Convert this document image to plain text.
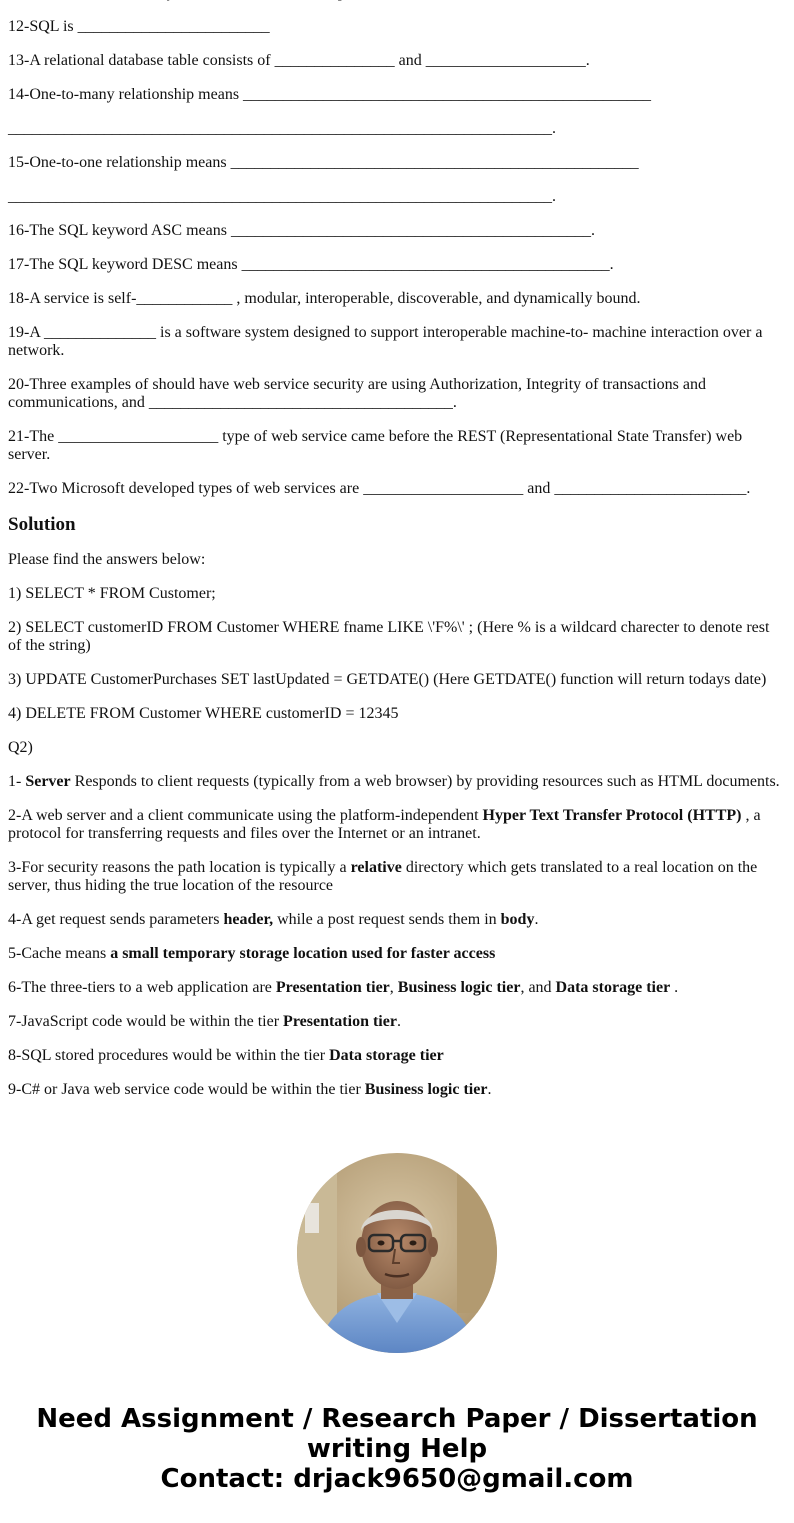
12-SQL is ________________________

13-A relational database table consists of _______________ and ____________________.

14-One-to-many relationship means ___________________________________________________

____________________________________________________________________.

15-One-to-one relationship means ___________________________________________________

____________________________________________________________________.

16-The SQL keyword ASC means _____________________________________________.

17-The SQL keyword DESC means ______________________________________________.

18-A service is self-____________ , modular, interoperable, discoverable, and dynamically bound.

19-A ______________ is a software system designed to support interoperable machine-to- machine interaction over a network.

20-Three examples of should have web service security are using Authorization, Integrity of transactions and communications, and ______________________________________.

21-The ____________________ type of web service came before the REST (Representational State Transfer) web server.

22-Two Microsoft developed types of web services are ____________________ and ________________________.

Solution

Please find the answers below:

1) SELECT * FROM Customer;

2) SELECT customerID FROM Customer WHERE fname LIKE \'F%\' ; (Here % is a wildcard charecter to denote rest of the string)

3) UPDATE CustomerPurchases SET lastUpdated = GETDATE() (Here GETDATE() function will return todays date)

4) DELETE FROM Customer WHERE customerID = 12345

Q2)

1- Server Responds to client requests (typically from a web browser) by providing resources such as HTML documents.

2-A web server and a client communicate using the platform-independent Hyper Text Transfer Protocol (HTTP) , a protocol for transferring requests and files over the Internet or an intranet.

3-For security reasons the path location is typically a relative directory which gets translated to a real location on the server, thus hiding the true location of the resource

4-A get request sends parameters header, while a post request sends them in body.

5-Cache means a small temporary storage location used for faster access

6-The three-tiers to a web application are Presentation tier, Business logic tier, and Data storage tier .

7-JavaScript code would be within the tier Presentation tier.

8-SQL stored procedures would be within the tier Data storage tier

9-C# or Java web service code would be within the tier Business logic tier.

Need Assignment / Research Paper / Dissertation
writing Help
Contact: drjack9650@gmail.com
